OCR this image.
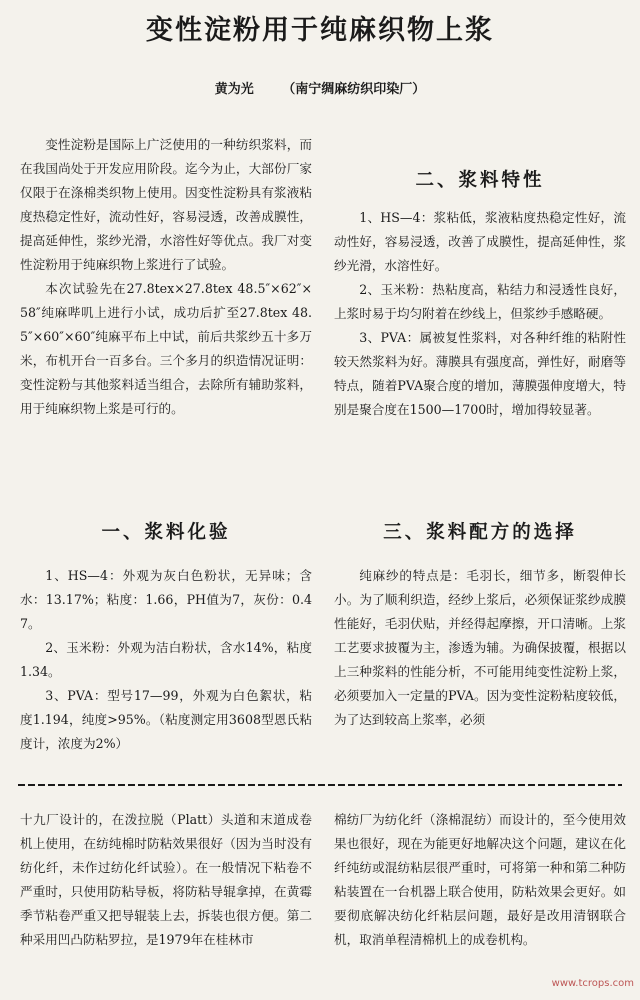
变性淀粉用于纯麻织物上浆
黄为光 （南宁绸麻纺织印染厂）

变性淀粉是国际上广泛使用的一种纺织浆料，而在我国尚处于开发应用阶段。迄今为止，大部份厂家仅限于在涤棉类织物上使用。因变性淀粉具有浆液粘度热稳定性好，流动性好，容易浸透，改善成膜性，提高延伸性，浆纱光滑，水溶性好等优点。我厂对变性淀粉用于纯麻织物上浆进行了试验。

本次试验先在27.8tex×27.8tex 48.5″×62″×58″纯麻哔叽上进行小试，成功后扩至27.8tex 48.5″×60″×60″纯麻平布上中试，前后共浆纱五十多万米，布机开台一百多台。三个多月的织造情况证明：变性淀粉与其他浆料适当组合，去除所有辅助浆料，用于纯麻织物上浆是可行的。

一、浆料化验

1、HS—4：外观为灰白色粉状，无异味；含水：13.17%；粘度：1.66，PH值为7，灰份：0.47。

2、玉米粉：外观为洁白粉状，含水14%，粘度1.34。

3、PVA：型号17—99，外观为白色絮状，粘度1.194，纯度>95%。（粘度测定用3608型恩氏粘度计，浓度为2%）

二、浆料特性

1、HS—4：浆粘低，浆液粘度热稳定性好，流动性好，容易浸透，改善了成膜性，提高延伸性，浆纱光滑，水溶性好。

2、玉米粉：热粘度高，粘结力和浸透性良好，上浆时易于均匀附着在纱线上，但浆纱手感略硬。

3、PVA：属被复性浆料，对各种纤维的粘附性较天然浆料为好。薄膜具有强度高，弹性好，耐磨等特点，随着PVA聚合度的增加，薄膜强伸度增大，特别是聚合度在1500—1700时，增加得较显著。

三、浆料配方的选择

纯麻纱的特点是：毛羽长，细节多，断裂伸长小。为了顺利织造，经纱上浆后，必须保证浆纱成膜性能好，毛羽伏贴，并经得起摩擦，开口清晰。上浆工艺要求披覆为主，渗透为辅。为确保披覆，根据以上三种浆料的性能分析，不可能用纯变性淀粉上浆，必须要加入一定量的PVA。因为变性淀粉粘度较低，为了达到较高上浆率，必须

十九厂设计的，在泼拉脱（Platt）头道和末道成卷机上使用，在纺纯棉时防粘效果很好（因为当时没有纺化纤，未作过纺化纤试验）。在一般情况下粘卷不严重时，只使用防粘导板，将防粘导辊拿掉，在黄霉季节粘卷严重又把导辊装上去，拆装也很方便。第二种采用凹凸防粘罗拉，是1979年在桂林市

棉纺厂为纺化纤（涤棉混纺）而设计的，至今使用效果也很好，现在为能更好地解决这个问题，建议在化纤纯纺或混纺粘层很严重时，可将第一种和第二种防粘装置在一台机器上联合使用，防粘效果会更好。如要彻底解决纺化纤粘层问题，最好是改用清钢联合机，取消单程清棉机上的成卷机构。

www.tcrops.com
